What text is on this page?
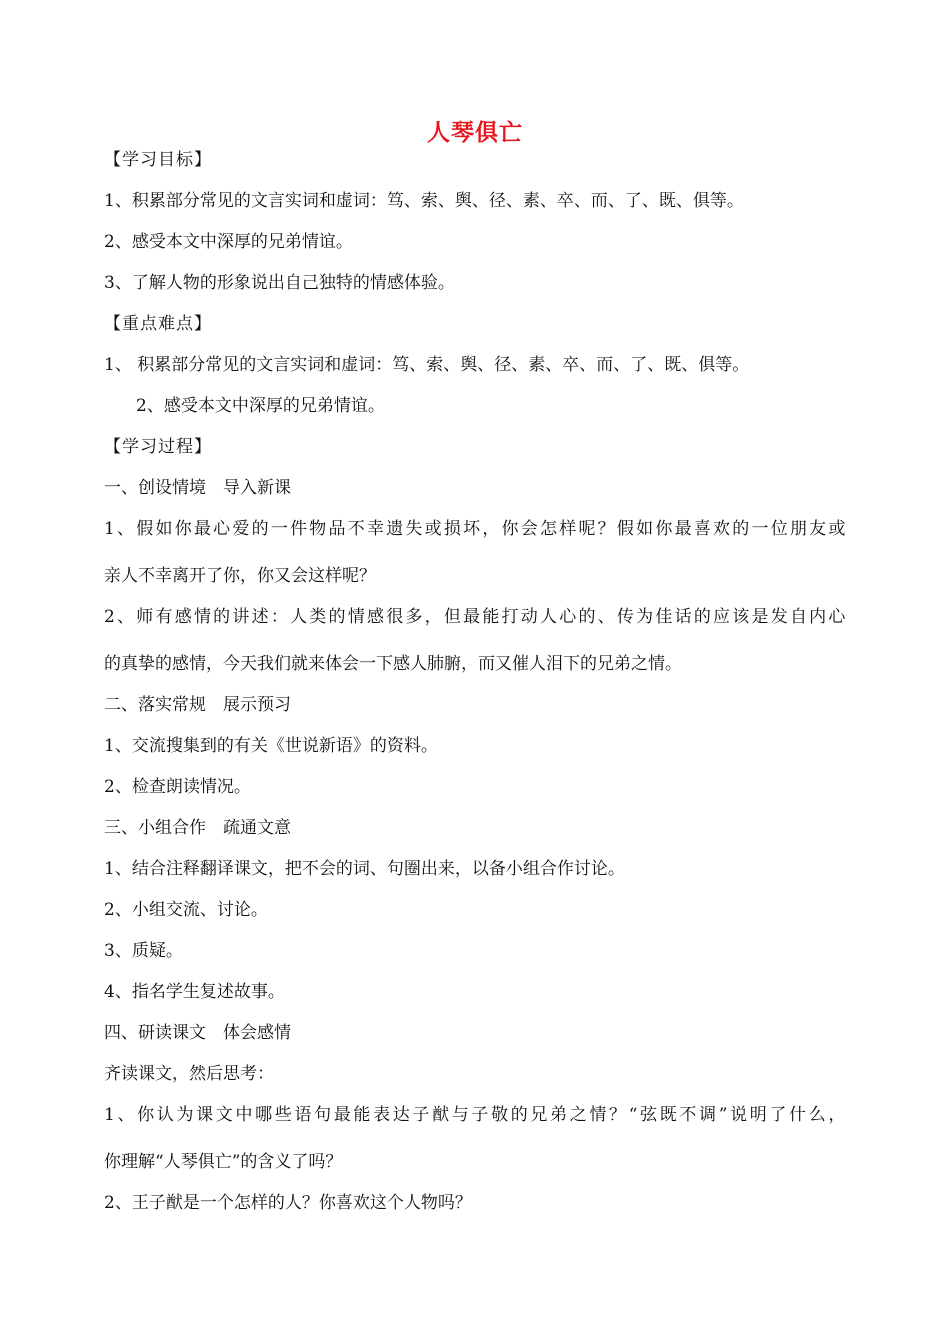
人琴俱亡
【学习目标】
1、积累部分常见的文言实词和虚词：笃、索、舆、径、素、卒、而、了、既、俱等。
2、感受本文中深厚的兄弟情谊。
3、了解人物的形象说出自己独特的情感体验。
【重点难点】
1、 积累部分常见的文言实词和虚词：笃、索、舆、径、素、卒、而、了、既、俱等。
2、感受本文中深厚的兄弟情谊。
【学习过程】
一、创设情境　导入新课
1、假如你最心爱的一件物品不幸遗失或损坏，你会怎样呢？假如你最喜欢的一位朋友或
亲人不幸离开了你，你又会这样呢？
2、师有感情的讲述：人类的情感很多，但最能打动人心的、传为佳话的应该是发自内心
的真挚的感情，今天我们就来体会一下感人肺腑，而又催人泪下的兄弟之情。
二、落实常规　展示预习
1、交流搜集到的有关《世说新语》的资料。
2、检查朗读情况。
三、小组合作　疏通文意
1、结合注释翻译课文，把不会的词、句圈出来，以备小组合作讨论。
2、小组交流、讨论。
3、质疑。
4、指名学生复述故事。
四、研读课文　体会感情
齐读课文，然后思考：
1、你认为课文中哪些语句最能表达子猷与子敬的兄弟之情？“弦既不调”说明了什么，
你理解“人琴俱亡”的含义了吗？
2、王子猷是一个怎样的人？你喜欢这个人物吗？
